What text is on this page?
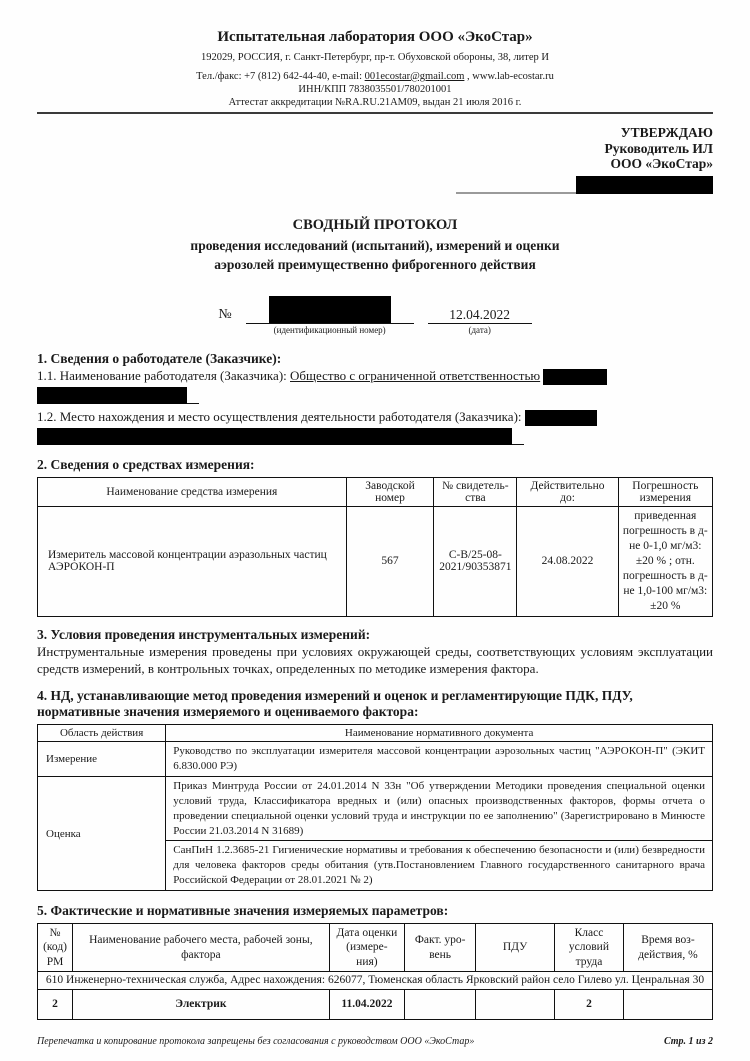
Испытательная лаборатория ООО «ЭкоСтар»
192029, РОССИЯ, г. Санкт-Петербург, пр-т. Обуховской обороны, 38, литер И
Тел./факс: +7 (812) 642-44-40, e-mail: 001ecostar@gmail.com , www.lab-ecostar.ru
ИНН/КПП 7838035501/780201001
Аттестат аккредитации №RA.RU.21АМ09, выдан 21 июля 2016 г.
УТВЕРЖДАЮ
Руководитель ИЛ
ООО «ЭкоСтар»
СВОДНЫЙ ПРОТОКОЛ
проведения исследований (испытаний), измерений и оценки
аэрозолей преимущественно фиброгенного действия
№
(идентификационный номер)
12.04.2022
(дата)
1. Сведения о работодателе (Заказчике):
1.1. Наименование работодателя (Заказчика): Общество с ограниченной ответственностью
1.2. Место нахождения и место осуществления деятельности работодателя (Заказчика):
2. Сведения о средствах измерения:
Наименование средства измерения	Заводской номер	№ свидетель-ства	Действительно до:	Погрешность измерения
Измеритель массовой концентрации аэразольных частиц АЭРОКОН-П	567	С-В/25-08-2021/90353871	24.08.2022	приведенная погрешность в д-не 0-1,0 мг/м3: ±20 % ; отн. погрешность в д-не 1,0-100 мг/м3: ±20 %
3. Условия проведения инструментальных измерений:
Инструментальные измерения проведены при условиях окружающей среды, соответствующих условиям эксплуатации средств измерений, в контрольных точках, определенных по методике измерения фактора.
4. НД, устанавливающие метод проведения измерений и оценок и регламентирующие ПДК, ПДУ, нормативные значения измеряемого и оцениваемого фактора:
Область действия	Наименование нормативного документа
Измерение	Руководство по эксплуатации измерителя массовой концентрации аэрозольных частиц "АЭРОКОН-П" (ЭКИТ 6.830.000 РЭ)
Оценка	Приказ Минтруда России от 24.01.2014 N 33н "Об утверждении Методики проведения специальной оценки условий труда, Классификатора вредных и (или) опасных производственных факторов, формы отчета о проведении специальной оценки условий труда и инструкции по ее заполнению" (Зарегистрировано в Минюсте России 21.03.2014 N 31689)
	СанПиН 1.2.3685-21 Гигиенические нормативы и требования к обеспечению безопасности и (или) безвредности для человека факторов среды обитания (утв.Постановлением Главного государственного санитарного врача Российской Федерации от 28.01.2021 № 2)
5. Фактические и нормативные значения измеряемых параметров:
№ (код) РМ	Наименование рабочего места, рабочей зоны, фактора	Дата оценки (измере- ния)	Факт. уро- вень	ПДУ	Класс условий труда	Время воз- действия, %
610 Инженерно-техническая служба, Адрес нахождения: 626077, Тюменская область Ярковский район село Гилево ул. Ценральная 30						
2	Электрик	11.04.2022			2	
Перепечатка и копирование протокола запрещены без согласования с руководством ООО «ЭкоСтар»	Стр. 1 из 2
